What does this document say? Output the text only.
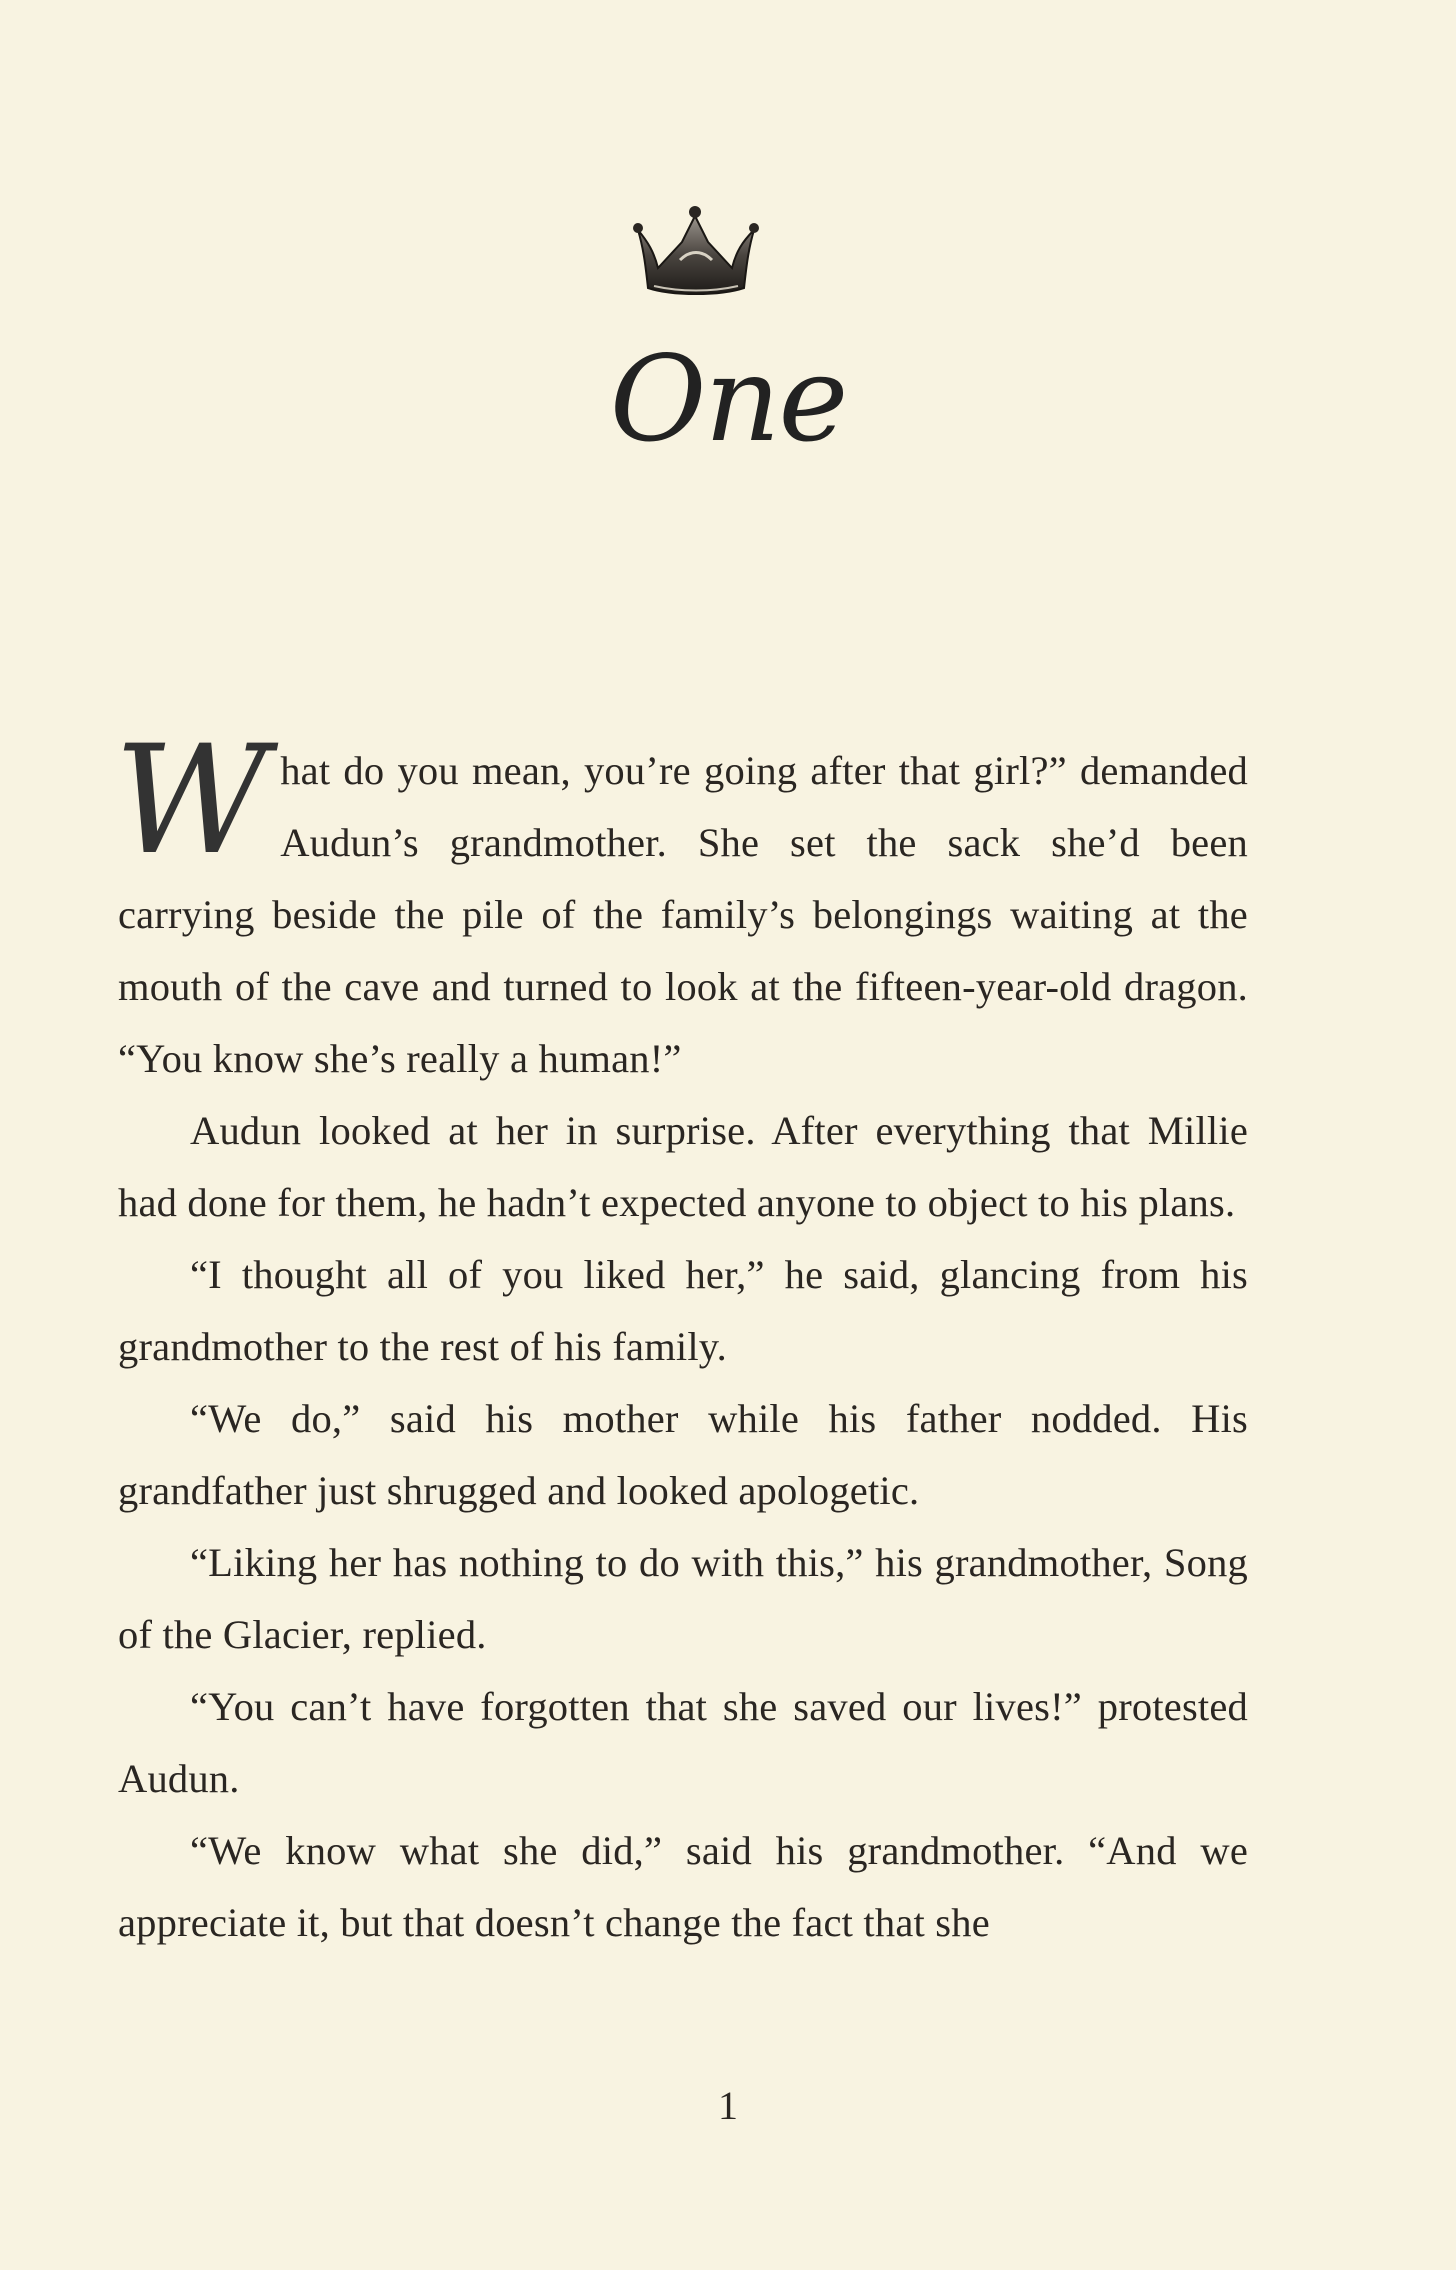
One

What do you mean, you’re going after that girl?” demanded Audun’s grandmother. She set the sack she’d been carrying beside the pile of the family’s belongings waiting at the mouth of the cave and turned to look at the fifteen-year-old dragon. “You know she’s really a human!”

Audun looked at her in surprise. After everything that Millie had done for them, he hadn’t expected anyone to object to his plans.

“I thought all of you liked her,” he said, glancing from his grandmother to the rest of his family.

“We do,” said his mother while his father nodded. His grandfather just shrugged and looked apologetic.

“Liking her has nothing to do with this,” his grandmother, Song of the Glacier, replied.

“You can’t have forgotten that she saved our lives!” protested Audun.

“We know what she did,” said his grandmother. “And we appreciate it, but that doesn’t change the fact that she

1
